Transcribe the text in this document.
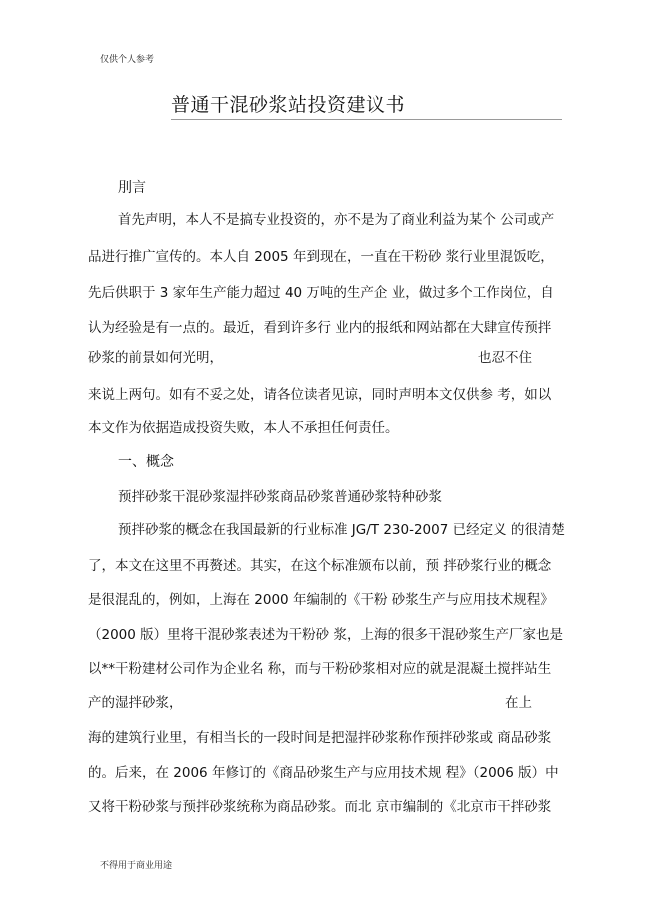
仅供个人参考
普通干混砂浆站投资建议书
刖言
首先声明，本人不是搞专业投资的，亦不是为了商业利益为某个 公司或产
品进行推广宣传的。本人自 2005 年到现在，一直在干粉砂 浆行业里混饭吃，
先后供职于 3 家年生产能力超过 40 万吨的生产企 业，做过多个工作岗位，自
认为经验是有一点的。最近，看到许多行 业内的报纸和网站都在大肆宣传预拌
砂浆的前景如何光明，	也忍不住
来说上两句。如有不妥之处，请各位读者见谅，同时声明本文仅供参 考，如以
本文作为依据造成投资失败，本人不承担任何责任。
一、概念
预拌砂浆干混砂浆湿拌砂浆商品砂浆普通砂浆特种砂浆
预拌砂浆的概念在我国最新的行业标准 JG/T 230-2007 已经定义 的很清楚
了，本文在这里不再赘述。其实，在这个标准颁布以前，预 拌砂浆行业的概念
是很混乱的，例如，上海在 2000 年编制的《干粉 砂浆生产与应用技术规程》
（2000 版）里将干混砂浆表述为干粉砂 浆，上海的很多干混砂浆生产厂家也是
以**干粉建材公司作为企业名 称，而与干粉砂浆相对应的就是混凝土搅拌站生
产的湿拌砂浆，	在上
海的建筑行业里，有相当长的一段时间是把湿拌砂浆称作预拌砂浆或 商品砂浆
的。后来，在 2006 年修订的《商品砂浆生产与应用技术规 程》（2006 版）中
又将干粉砂浆与预拌砂浆统称为商品砂浆。而北 京市编制的《北京市干拌砂浆
不得用于商业用途
